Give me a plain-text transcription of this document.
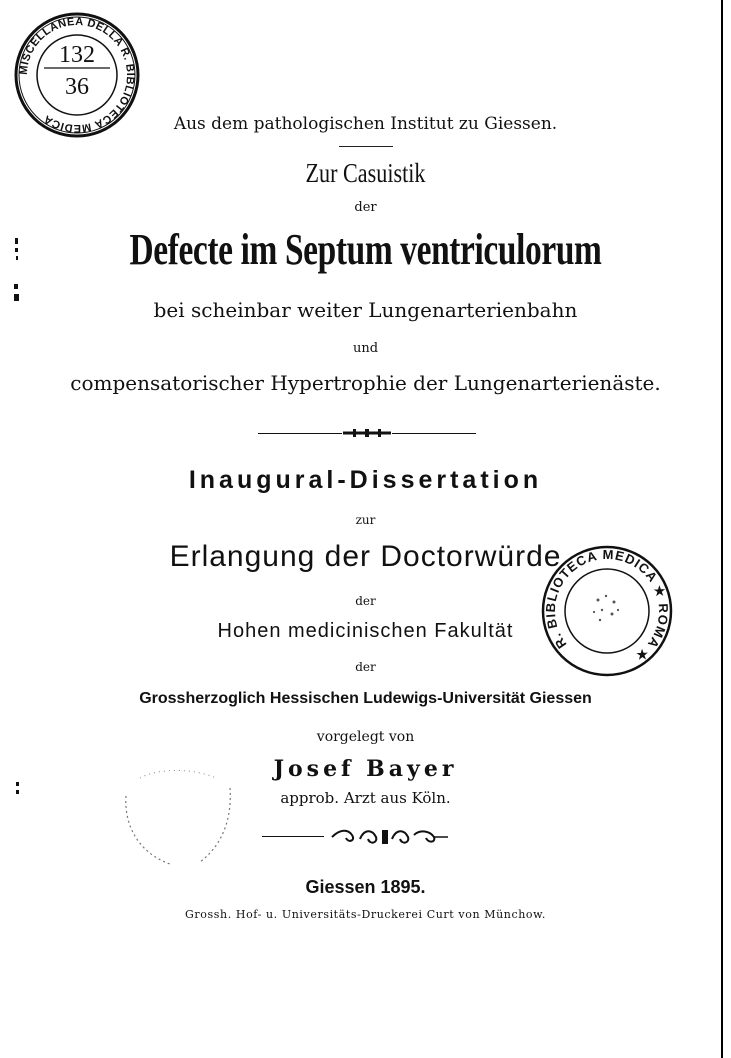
MISCELLANEA DELLA R. BIBLIOTECA MEDICA
132
36
Aus dem pathologischen Institut zu Giessen.
Zur Casuistik
der
Defecte im Septum ventriculorum
bei scheinbar weiter Lungenarterienbahn
und
compensatorischer Hypertrophie der Lungenarterienäste.
Inaugural-Dissertation
zur
Erlangung der Doctorwürde
der
Hohen medicinischen Fakultät
der
Grossherzoglich Hessischen Ludewigs-Universität Giessen
vorgelegt von
Josef Bayer
approb. Arzt aus Köln.
Giessen 1895.
Grossh. Hof- u. Universitäts-Druckerei Curt von Münchow.
R. BIBLIOTECA MEDICA ★ ROMA ★
